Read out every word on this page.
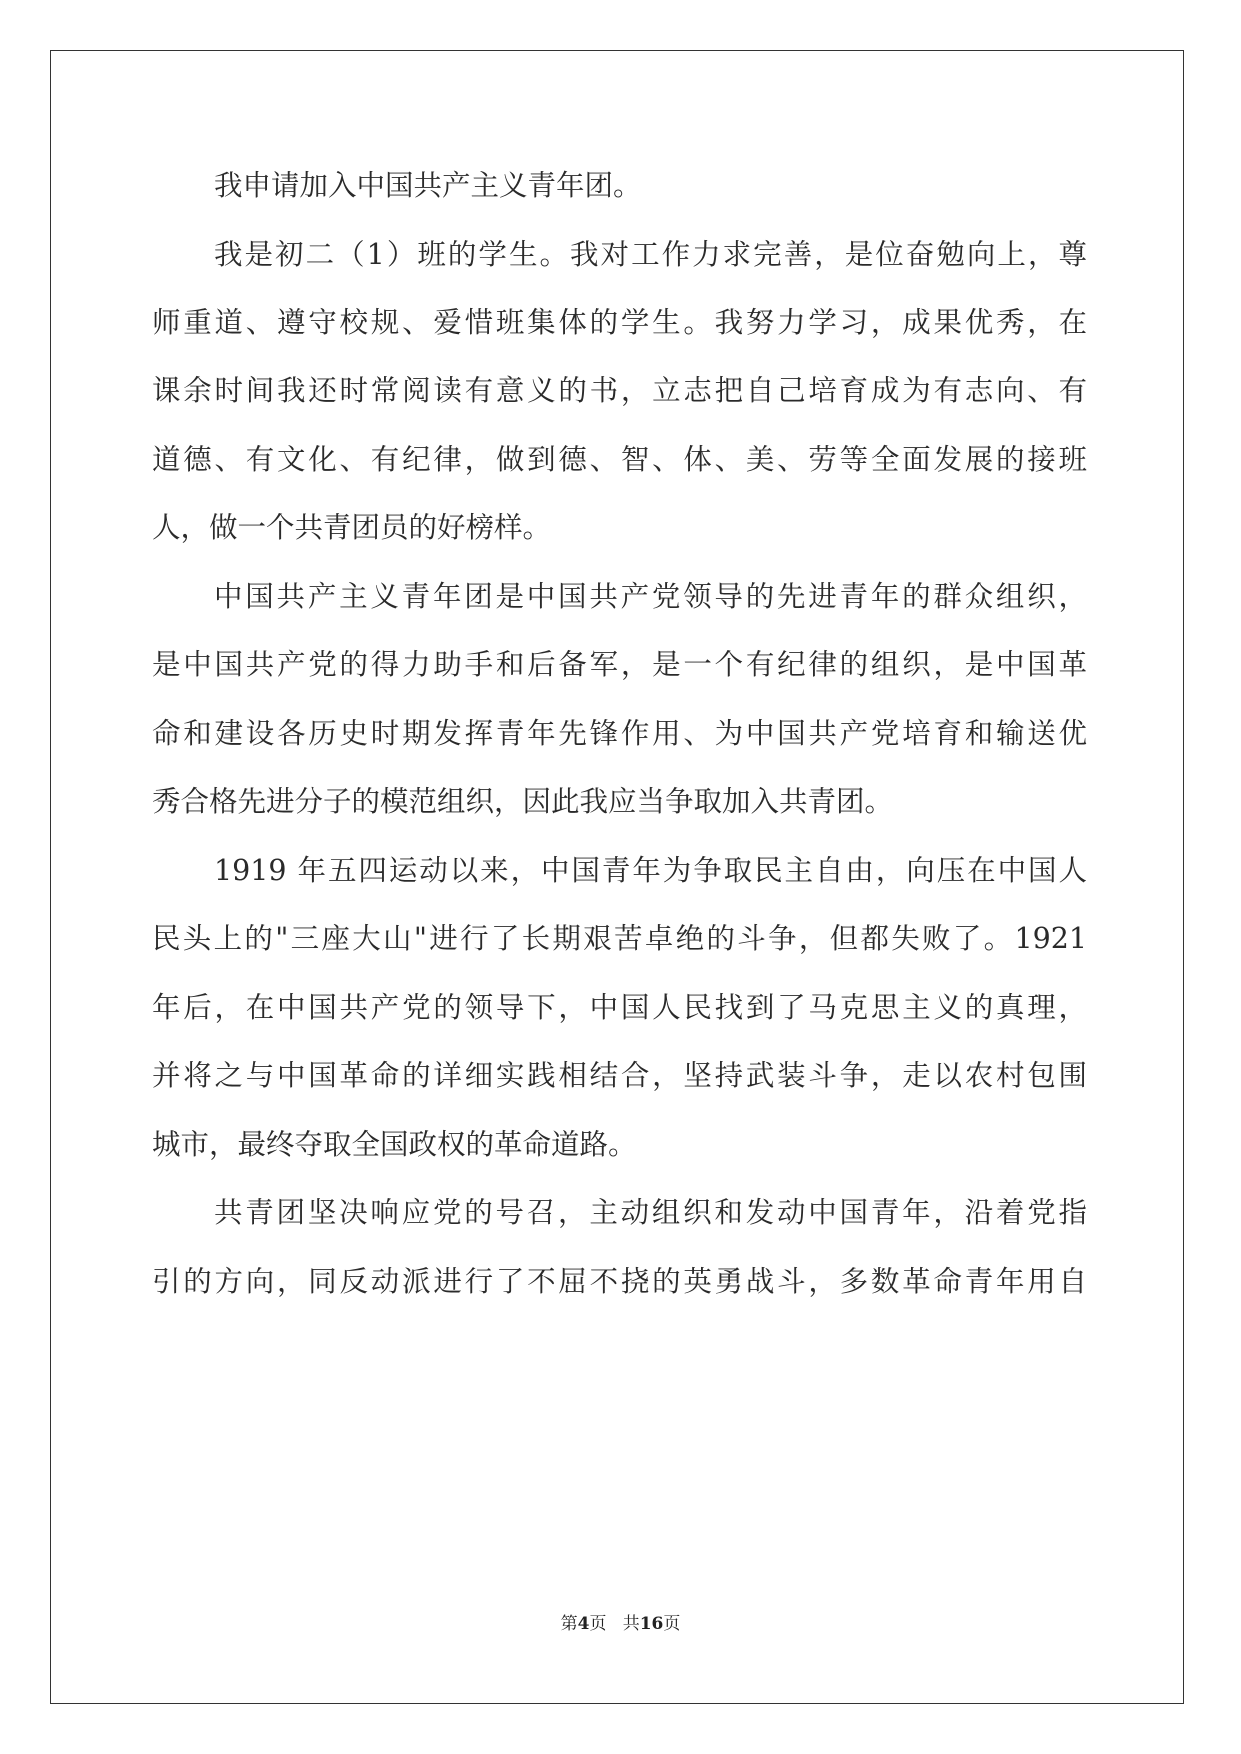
我申请加入中国共产主义青年团。
我是初二（1）班的学生。我对工作力求完善，是位奋勉向上，尊
师重道、遵守校规、爱惜班集体的学生。我努力学习，成果优秀，在
课余时间我还时常阅读有意义的书，立志把自己培育成为有志向、有
道德、有文化、有纪律，做到德、智、体、美、劳等全面发展的接班
人，做一个共青团员的好榜样。
中国共产主义青年团是中国共产党领导的先进青年的群众组织，
是中国共产党的得力助手和后备军，是一个有纪律的组织，是中国革
命和建设各历史时期发挥青年先锋作用、为中国共产党培育和输送优
秀合格先进分子的模范组织，因此我应当争取加入共青团。
1919 年五四运动以来，中国青年为争取民主自由，向压在中国人
民头上的"三座大山"进行了长期艰苦卓绝的斗争，但都失败了。1921
年后，在中国共产党的领导下，中国人民找到了马克思主义的真理，
并将之与中国革命的详细实践相结合，坚持武装斗争，走以农村包围
城市，最终夺取全国政权的革命道路。
共青团坚决响应党的号召，主动组织和发动中国青年，沿着党指
引的方向，同反动派进行了不屈不挠的英勇战斗，多数革命青年用自
第4页 共16页
